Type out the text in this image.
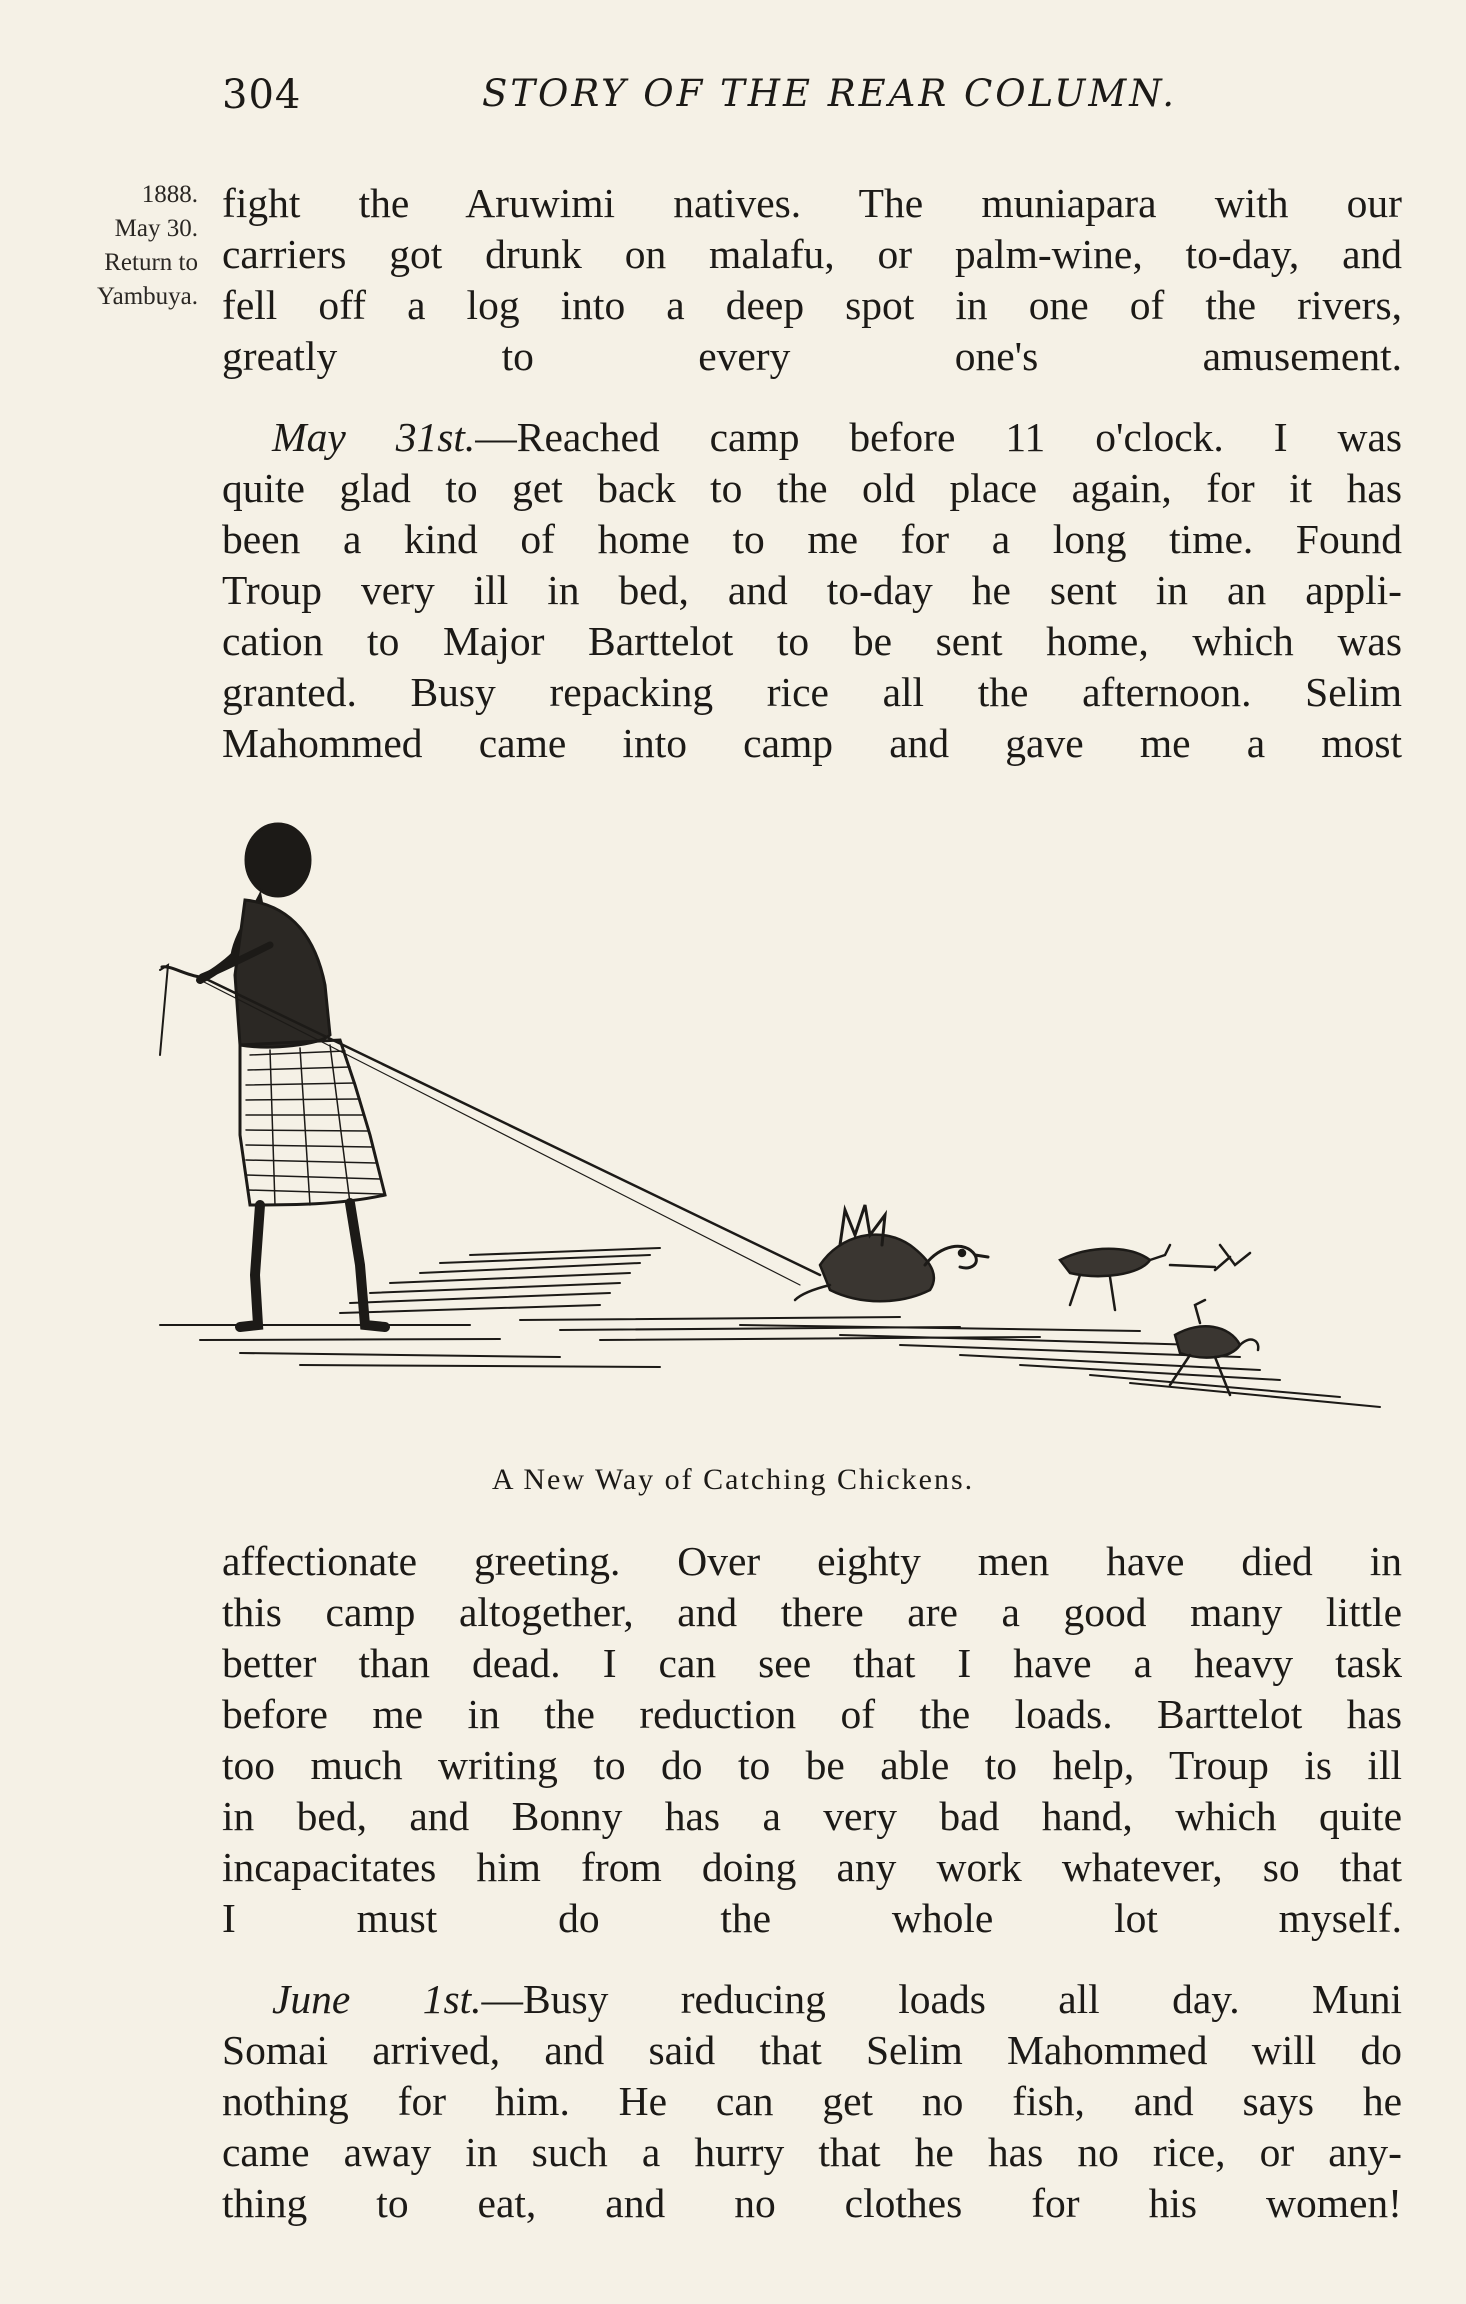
304	STORY OF THE REAR COLUMN.
1888.
May 30.
Return to
Yambuya.

fight the Aruwimi natives. The muniapara with our
carriers got drunk on malafu, or palm-wine, to-day, and
fell off a log into a deep spot in one of the rivers,
greatly to every one's amusement.

May 31st.—Reached camp before 11 o'clock. I was
quite glad to get back to the old place again, for it has
been a kind of home to me for a long time. Found
Troup very ill in bed, and to-day he sent in an appli-
cation to Major Barttelot to be sent home, which was
granted. Busy repacking rice all the afternoon. Selim
Mahommed came into camp and gave me a most

A New Way of Catching Chickens.

affectionate greeting. Over eighty men have died in
this camp altogether, and there are a good many little
better than dead. I can see that I have a heavy task
before me in the reduction of the loads. Barttelot has
too much writing to do to be able to help, Troup is ill
in bed, and Bonny has a very bad hand, which quite
incapacitates him from doing any work whatever, so that
I must do the whole lot myself.

June 1st.—Busy reducing loads all day. Muni
Somai arrived, and said that Selim Mahommed will do
nothing for him. He can get no fish, and says he
came away in such a hurry that he has no rice, or any-
thing to eat, and no clothes for his women!
